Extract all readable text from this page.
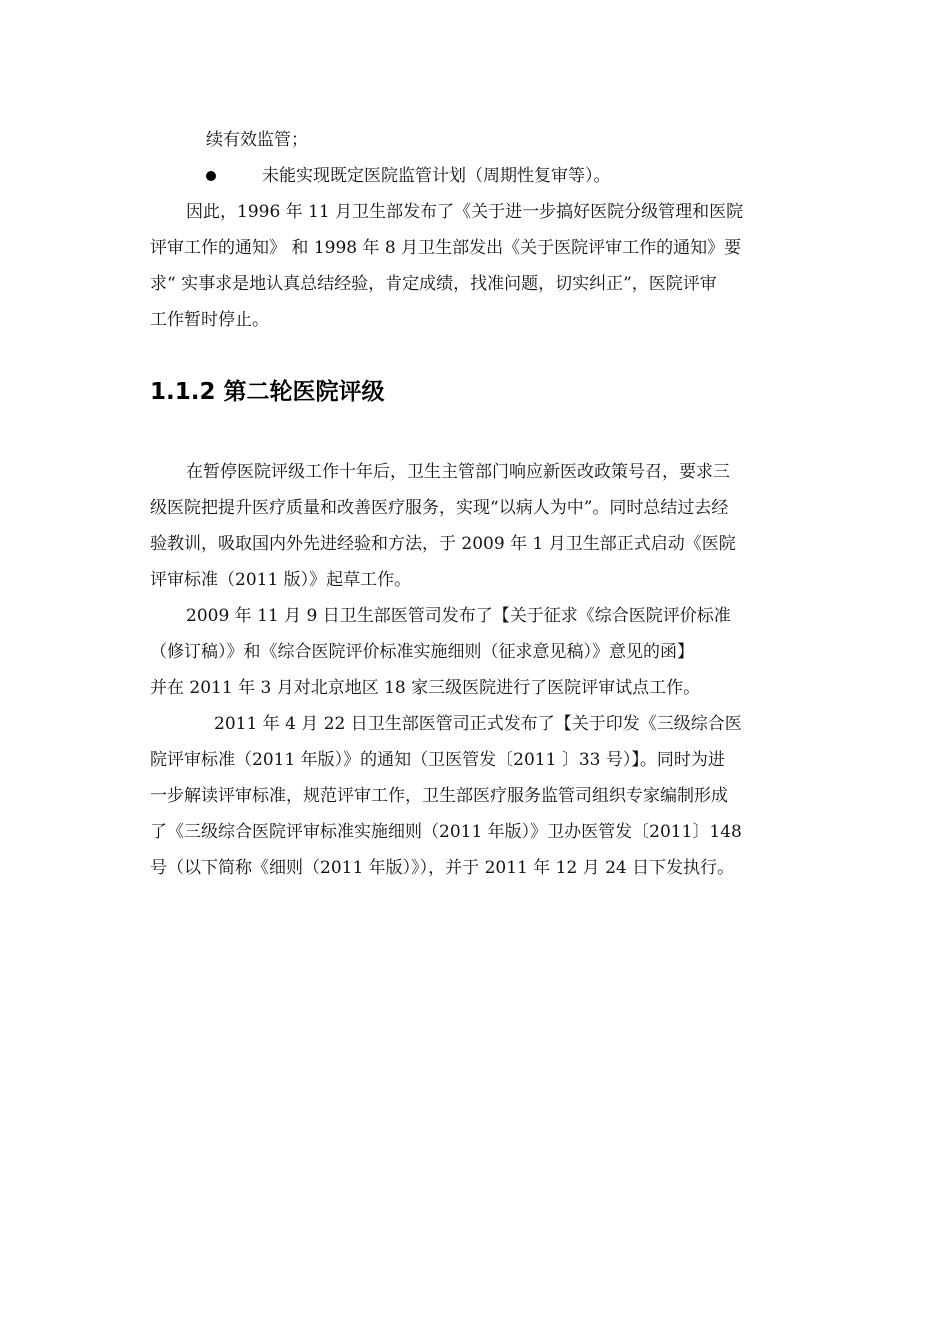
续有效监管；

未能实现既定医院监管计划（周期性复审等）。

因此，1996 年 11 月卫生部发布了《关于进一步搞好医院分级管理和医院

评审工作的通知》 和 1998 年 8 月卫生部发出《关于医院评审工作的通知》要

求“ 实事求是地认真总结经验，肯定成绩，找准问题，切实纠正”，医院评审

工作暂时停止。

1.1.2 第二轮医院评级

在暂停医院评级工作十年后，卫生主管部门响应新医改政策号召，要求三

级医院把提升医疗质量和改善医疗服务，实现“以病人为中”。同时总结过去经

验教训，吸取国内外先进经验和方法，于 2009 年 1 月卫生部正式启动《医院

评审标准（2011 版）》起草工作。

2009 年 11 月 9 日卫生部医管司发布了【关于征求《综合医院评价标准

（修订稿）》和《综合医院评价标准实施细则（征求意见稿）》意见的函】

并在 2011 年 3 月对北京地区 18 家三级医院进行了医院评审试点工作。

2011 年 4 月 22 日卫生部医管司正式发布了【关于印发《三级综合医

院评审标准（2011 年版）》的通知（卫医管发〔2011 〕33 号）】。同时为进

一步解读评审标准，规范评审工作，卫生部医疗服务监管司组织专家编制形成

了《三级综合医院评审标准实施细则（2011 年版）》卫办医管发〔2011〕148

号（以下简称《细则（2011 年版）》），并于 2011 年 12 月 24 日下发执行。
